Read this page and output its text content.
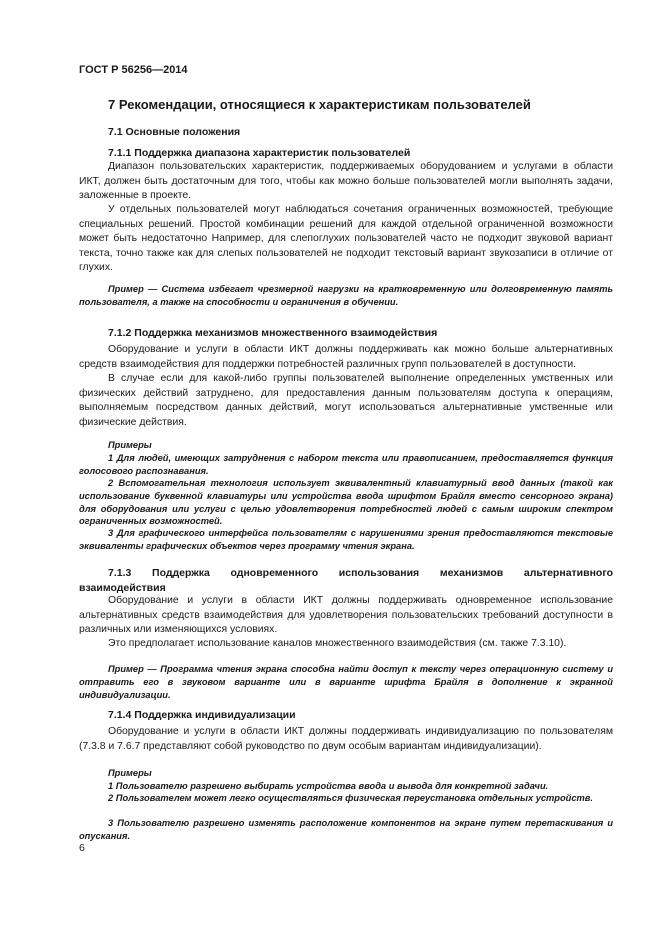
ГОСТ Р 56256—2014
7 Рекомендации, относящиеся к характеристикам пользователей
7.1 Основные положения
7.1.1 Поддержка диапазона характеристик пользователей

Диапазон пользовательских характеристик, поддерживаемых оборудованием и услугами в области ИКТ, должен быть достаточным для того, чтобы как можно больше пользователей могли выполнять задачи, заложенные в проекте.

У отдельных пользователей могут наблюдаться сочетания ограниченных возможностей, требующие специальных решений. Простой комбинации решений для каждой отдельной ограниченной возможности может быть недостаточно Например, для слепоглухих пользователей часто не подходит звуковой вариант текста, точно также как для слепых пользователей не подходит текстовый вариант звукозаписи в отличие от глухих.

Пример — Система избегает чрезмерной нагрузки на кратковременную или долговременную память пользователя, а также на способности и ограничения в обучении.

7.1.2 Поддержка механизмов множественного взаимодействия

Оборудование и услуги в области ИКТ должны поддерживать как можно больше альтернативных средств взаимодействия для поддержки потребностей различных групп пользователей в доступности.

В случае если для какой-либо группы пользователей выполнение определенных умственных или физических действий затруднено, для предоставления данным пользователям доступа к операциям, выполняемым посредством данных действий, могут использоваться альтернативные умственные или физические действия.

Примеры

1 Для людей, имеющих затруднения с набором текста или правописанием, предоставляется функция голосового распознавания.

2 Вспомогательная технология использует эквивалентный клавиатурный ввод данных (такой как использование буквенной клавиатуры или устройства ввода шрифтом Брайля вместо сенсорного экрана) для оборудования или услуги с целью удовлетворения потребностей людей с самым широким спектром ограниченных возможностей.

3 Для графического интерфейса пользователям с нарушениями зрения предоставляются текстовые эквиваленты графических объектов через программу чтения экрана.

7.1.3 Поддержка одновременного использования механизмов альтернативного взаимодействия

Оборудование и услуги в области ИКТ должны поддерживать одновременное использование альтернативных средств взаимодействия для удовлетворения пользовательских требований доступности в различных или изменяющихся условиях.

Это предполагает использование каналов множественного взаимодействия (см. также 7.3.10).

Пример — Программа чтения экрана способна найти доступ к тексту через операционную систему и отправить его в звуковом варианте или в варианте шрифта Брайля в дополнение к экранной индивидуализации.

7.1.4 Поддержка индивидуализации

Оборудование и услуги в области ИКТ должны поддерживать индивидуализацию по пользователям (7.3.8 и 7.6.7 представляют собой руководство по двум особым вариантам индивидуализации).

Примеры

1 Пользователю разрешено выбирать устройства ввода и вывода для конкретной задачи.

2 Пользователем может легко осуществляться физическая переустановка отдельных устройств.

3 Пользователю разрешено изменять расположение компонентов на экране путем перетаскивания и опускания.

6
